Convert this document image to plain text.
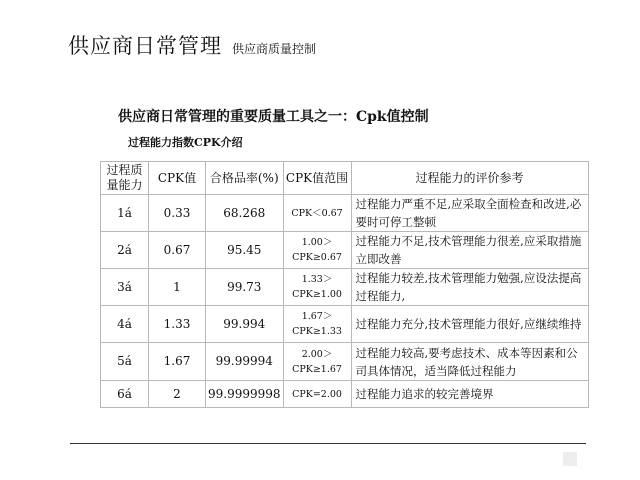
供应商日常管理 供应商质量控制
供应商日常管理的重要质量工具之一：Cpk值控制
过程能力指数CPK介绍
过程质量能力	CPK值	合格品率(%)	CPK值范围	过程能力的评价参考
1á	0.33	68.268	CPK＜0.67	过程能力严重不足,应采取全面检查和改进,必要时可停工整顿

2á	0.67	95.45	1.00＞CPK≥0.67	过程能力不足,技术管理能力很差,应采取措施立即改善

3á	1	99.73	1.33＞CPK≥1.00	过程能力较差,技术管理能力勉强,应设法提高过程能力,

4á	1.33	99.994	1.67＞CPK≥1.33	过程能力充分,技术管理能力很好,应继续维持

5á	1.67	99.99994	2.00＞CPK≥1.67	过程能力较高,要考虑技术、成本等因素和公司具体情况，适当降低过程能力

6á	2	99.9999998	CPK=2.00	过程能力追求的较完善境界
